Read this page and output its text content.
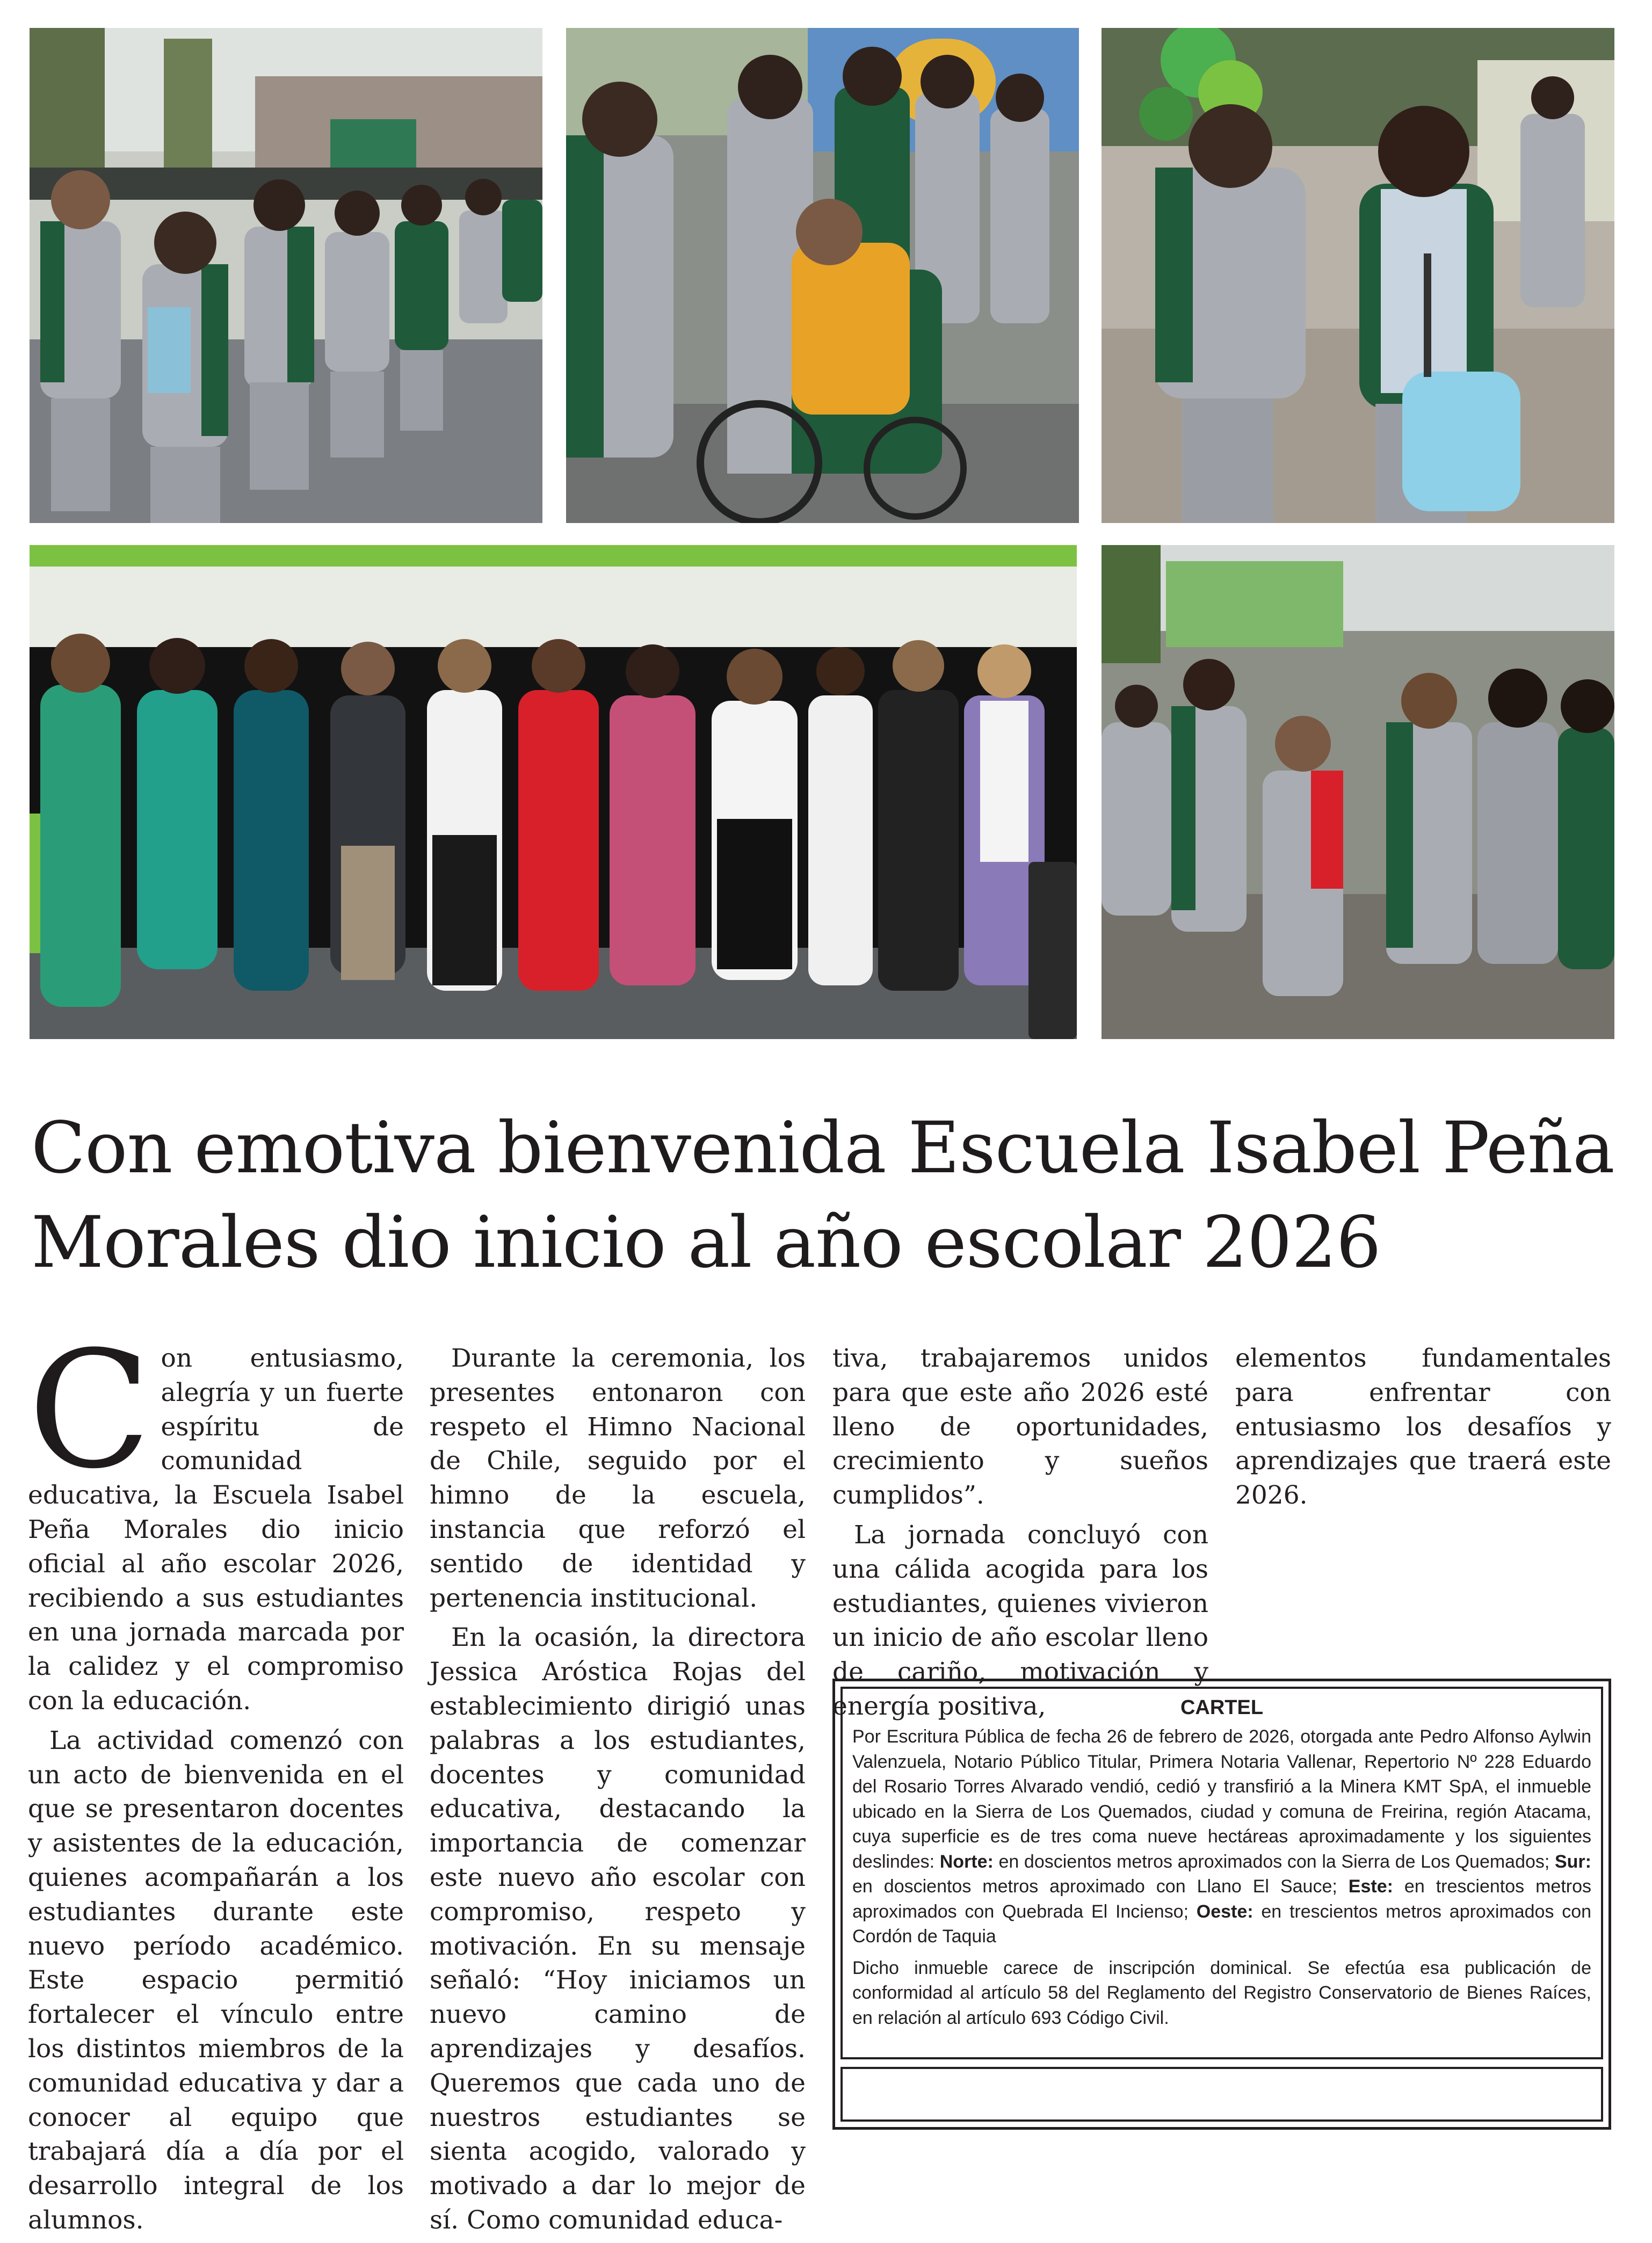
Con emotiva bienvenida Escuela Isabel Peña Morales dio inicio al año escolar 2026
C on entusiasmo, alegría y un fuerte espíritu de comunidad educativa, la Escuela Isabel Peña Morales dio inicio oficial al año escolar 2026, recibiendo a sus estudiantes en una jornada marcada por la calidez y el compromiso con la educación.

La actividad comenzó con un acto de bienvenida en el que se presentaron docentes y asistentes de la educación, quienes acompañarán a los estudiantes durante este nuevo período académico. Este espacio permitió fortalecer el vínculo entre los distintos miembros de la comunidad educativa y dar a conocer al equipo que trabajará día a día por el desarrollo integral de los alumnos.

Durante la ceremonia, los presentes entonaron con respeto el Himno Nacional de Chile, seguido por el himno de la escuela, instancia que reforzó el sentido de identidad y pertenencia institucional.

En la ocasión, la directora Jessica Aróstica Rojas del establecimiento dirigió unas palabras a los estudiantes, docentes y comunidad educativa, destacando la importancia de comenzar este nuevo año escolar con compromiso, respeto y motivación. En su mensaje señaló: “Hoy iniciamos un nuevo camino de aprendizajes y desafíos. Queremos que cada uno de nuestros estudiantes se sienta acogido, valorado y motivado a dar lo mejor de sí. Como comunidad educa-

tiva, trabajaremos unidos para que este año 2026 esté lleno de oportunidades, crecimiento y sueños cumplidos”.

La jornada concluyó con una cálida acogida para los estudiantes, quienes vivieron un inicio de año escolar lleno de cariño, motivación y energía positiva,

elementos fundamentales para enfrentar con entusiasmo los desafíos y aprendizajes que traerá este 2026.

CARTEL

Por Escritura Pública de fecha 26 de febrero de 2026, otorgada ante Pedro Alfonso Aylwin Valenzuela, Notario Público Titular, Primera Notaria Vallenar, Repertorio Nº 228 Eduardo del Rosario Torres Alvarado vendió, cedió y transfirió a la Minera KMT SpA, el inmueble ubicado en la Sierra de Los Quemados, ciudad y comuna de Freirina, región Atacama, cuya superficie es de tres coma nueve hectáreas aproximadamente y los siguientes deslindes: Norte: en doscientos metros aproximados con la Sierra de Los Quemados; Sur: en doscientos metros aproximado con Llano El Sauce; Este: en trescientos metros aproximados con Quebrada El Incienso; Oeste: en trescientos metros aproximados con Cordón de Taquia

Dicho inmueble carece de inscripción dominical. Se efectúa esa publicación de conformidad al artículo 58 del Reglamento del Registro Conservatorio de Bienes Raíces, en relación al artículo 693 Código Civil.
